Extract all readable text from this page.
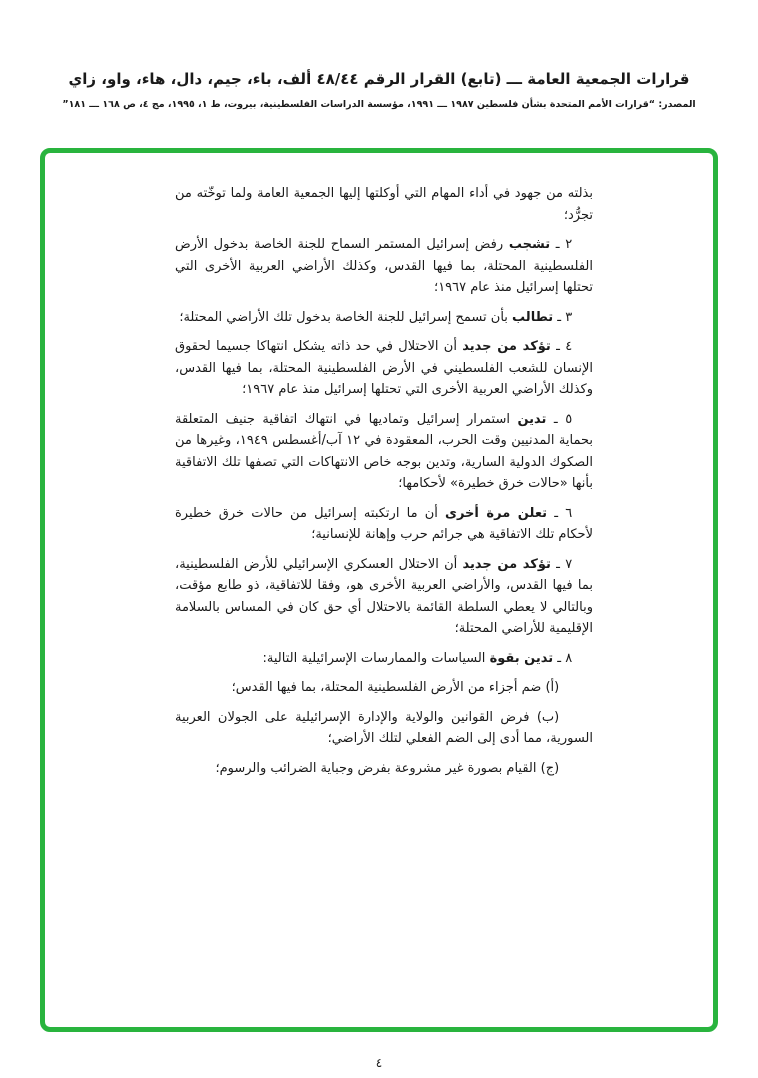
قرارات الجمعية العامة ـــ (تابع) القرار الرقم ٤٨/٤٤ ألف، باء، جيم، دال، هاء، واو، زاي
المصدر: “قرارات الأمم المتحدة بشأن فلسطين ١٩٨٧ ـــ ١٩٩١، مؤسسة الدراسات الفلسطينية، بيروت، ط ١، ١٩٩٥، مج ٤، ص ١٦٨ ـــ ١٨١”

بذلته من جهود في أداء المهام التي أوكلتها إليها الجمعية العامة ولما توخّته من تجرُّد؛

٢ ـ تشجب رفض إسرائيل المستمر السماح للجنة الخاصة بدخول الأرض الفلسطينية المحتلة، بما فيها القدس، وكذلك الأراضي العربية الأخرى التي تحتلها إسرائيل منذ عام ١٩٦٧؛

٣ ـ تطالب بأن تسمح إسرائيل للجنة الخاصة بدخول تلك الأراضي المحتلة؛

٤ ـ تؤكد من جديد أن الاحتلال في حد ذاته يشكل انتهاكا جسيما لحقوق الإنسان للشعب الفلسطيني في الأرض الفلسطينية المحتلة، بما فيها القدس، وكذلك الأراضي العربية الأخرى التي تحتلها إسرائيل منذ عام ١٩٦٧؛

٥ ـ تدين استمرار إسرائيل وتماديها في انتهاك اتفاقية جنيف المتعلقة بحماية المدنيين وقت الحرب، المعقودة في ١٢ آب/أغسطس ١٩٤٩، وغيرها من الصكوك الدولية السارية، وتدين بوجه خاص الانتهاكات التي تصفها تلك الاتفاقية بأنها «حالات خرق خطيرة» لأحكامها؛

٦ ـ تعلن مرة أخرى أن ما ارتكبته إسرائيل من حالات خرق خطيرة لأحكام تلك الاتفاقية هي جرائم حرب وإهانة للإنسانية؛

٧ ـ تؤكد من جديد أن الاحتلال العسكري الإسرائيلي للأرض الفلسطينية، بما فيها القدس، والأراضي العربية الأخرى هو، وفقا للاتفاقية، ذو طابع مؤقت، وبالتالي لا يعطي السلطة القائمة بالاحتلال أي حق كان في المساس بالسلامة الإقليمية للأراضي المحتلة؛

٨ ـ تدين بقوة السياسات والممارسات الإسرائيلية التالية:

(أ) ضم أجزاء من الأرض الفلسطينية المحتلة، بما فيها القدس؛

(ب) فرض القوانين والولاية والإدارة الإسرائيلية على الجولان العربية السورية، مما أدى إلى الضم الفعلي لتلك الأراضي؛

(ج) القيام بصورة غير مشروعة بفرض وجباية الضرائب والرسوم؛

٤
